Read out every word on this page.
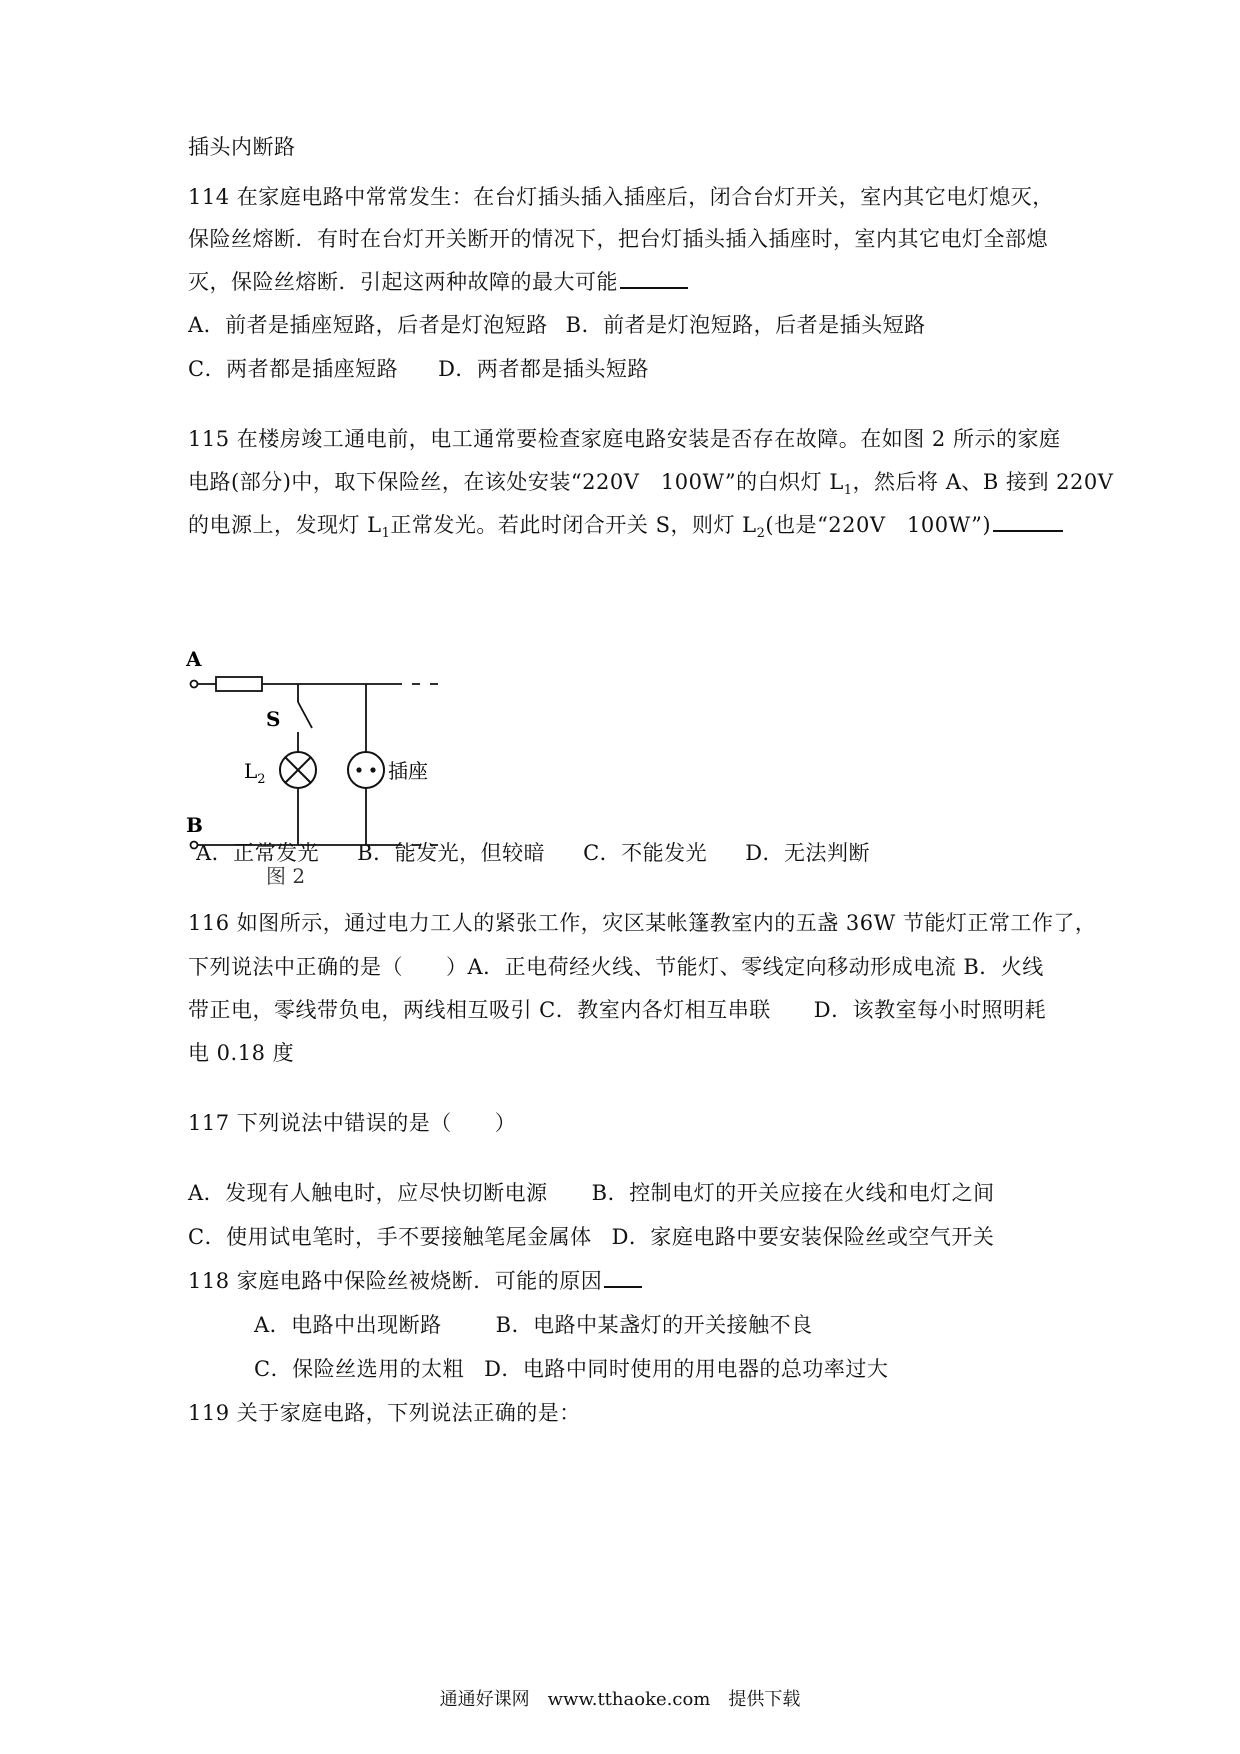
插头内断路
114 在家庭电路中常常发生：在台灯插头插入插座后，闭合台灯开关，室内其它电灯熄灭，
保险丝熔断．有时在台灯开关断开的情况下，把台灯插头插入插座时，室内其它电灯全部熄
灭，保险丝熔断．引起这两种故障的最大可能
A．前者是插座短路，后者是灯泡短路 B．前者是灯泡短路，后者是插头短路
C．两者都是插座短路 D．两者都是插头短路
115 在楼房竣工通电前，电工通常要检查家庭电路安装是否存在故障。在如图 2 所示的家庭
电路(部分)中，取下保险丝，在该处安装“220V　100W”的白炽灯 $L_1$，然后将 A、B 接到 220V
的电源上，发现灯 $L_1$正常发光。若此时闭合开关 S，则灯 $L_2$(也是“220V　100W”)
A
S
$L_2$	插座
B
图 2
A．正常发光 B．能发光，但较暗 C．不能发光 D．无法判断
116 如图所示，通过电力工人的紧张工作，灾区某帐篷教室内的五盏 36W 节能灯正常工作了，
下列说法中正确的是（　　）A．正电荷经火线、节能灯、零线定向移动形成电流 B．火线
带正电，零线带负电，两线相互吸引 C．教室内各灯相互串联　　D．该教室每小时照明耗
电 0.18 度
117 下列说法中错误的是（　　）
A．发现有人触电时，应尽快切断电源 B．控制电灯的开关应接在火线和电灯之间
C．使用试电笔时，手不要接触笔尾金属体 D．家庭电路中要安装保险丝或空气开关
118 家庭电路中保险丝被烧断．可能的原因
A．电路中出现断路	B．电路中某盏灯的开关接触不良
C．保险丝选用的太粗 D．电路中同时使用的用电器的总功率过大
119 关于家庭电路，下列说法正确的是：
通通好课网　www.tthaoke.com　提供下载
